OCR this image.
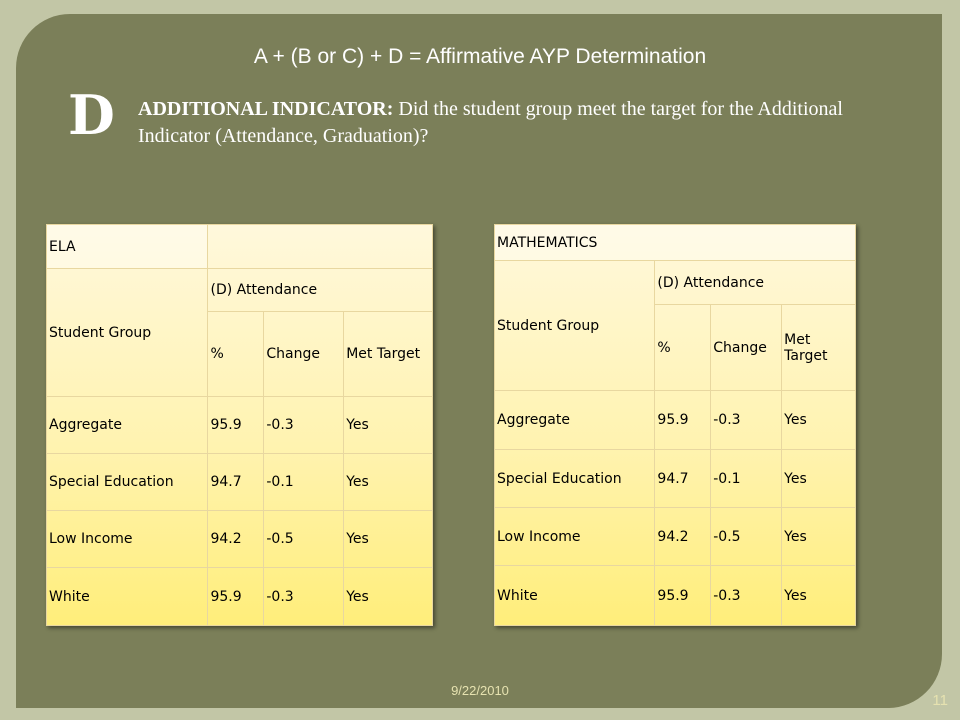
A + (B or C) + D = Affirmative AYP Determination
D ADDITIONAL INDICATOR: Did the student group meet the target for the Additional Indicator (Attendance, Graduation)?
ELA			
Student Group	(D) Attendance		
	%	Change	Met Target
Aggregate	95.9	-0.3	Yes
Special Education	94.7	-0.1	Yes
Low Income	94.2	-0.5	Yes
White	95.9	-0.3	Yes
MATHEMATICS			
Student Group	(D) Attendance		
	%	Change	Met Target
Aggregate	95.9	-0.3	Yes
Special Education	94.7	-0.1	Yes
Low Income	94.2	-0.5	Yes
White	95.9	-0.3	Yes
9/22/2010
11
